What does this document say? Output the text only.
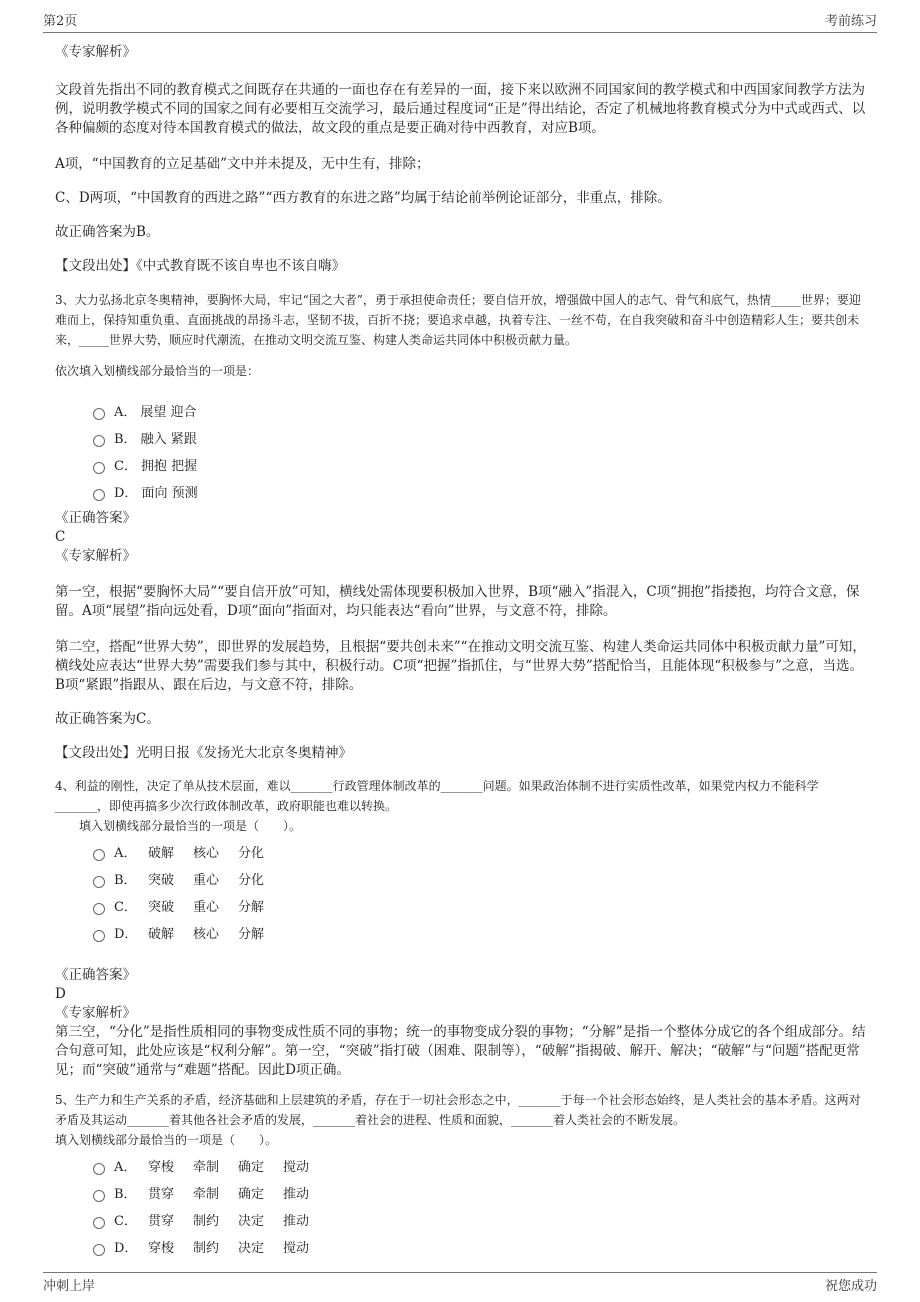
第2页	考前练习

《专家解析》

文段首先指出不同的教育模式之间既存在共通的一面也存在有差异的一面，接下来以欧洲不同国家间的教学模式和中西国家间教学方法为例，说明教学模式不同的国家之间有必要相互交流学习，最后通过程度词“正是”得出结论，否定了机械地将教育模式分为中式或西式、以各种偏颇的态度对待本国教育模式的做法，故文段的重点是要正确对待中西教育，对应B项。

A项，“中国教育的立足基础”文中并未提及，无中生有，排除；

C、D两项，“中国教育的西进之路”“西方教育的东进之路”均属于结论前举例论证部分，非重点，排除。

故正确答案为B。

【文段出处】《中式教育既不该自卑也不该自嗨》

3、大力弘扬北京冬奥精神，要胸怀大局，牢记“国之大者”，勇于承担使命责任；要自信开放，增强做中国人的志气、骨气和底气，热情_____世界；要迎难而上，保持知重负重、直面挑战的昂扬斗志，坚韧不拔，百折不挠；要追求卓越，执着专注、一丝不苟，在自我突破和奋斗中创造精彩人生；要共创未来，_____世界大势，顺应时代潮流，在推动文明交流互鉴、构建人类命运共同体中积极贡献力量。

依次填入划横线部分最恰当的一项是：

A． 展望 迎合
B． 融入 紧跟
C． 拥抱 把握
D． 面向 预测

《正确答案》

C

《专家解析》

第一空，根据“要胸怀大局”“要自信开放”可知，横线处需体现要积极加入世界，B项“融入”指混入，C项“拥抱”指搂抱，均符合文意，保留。A项“展望”指向远处看，D项“面向”指面对，均只能表达“看向”世界，与文意不符，排除。

第二空，搭配“世界大势”，即世界的发展趋势，且根据“要共创未来”“在推动文明交流互鉴、构建人类命运共同体中积极贡献力量”可知，横线处应表达“世界大势”需要我们参与其中，积极行动。C项“把握”指抓住，与“世界大势”搭配恰当，且能体现“积极参与”之意，当选。B项“紧跟”指跟从、跟在后边，与文意不符，排除。

故正确答案为C。

【文段出处】光明日报《发扬光大北京冬奥精神》

4、利益的刚性，决定了单从技术层面，难以_______行政管理体制改革的_______问题。如果政治体制不进行实质性改革，如果党内权力不能科学_______，即使再搞多少次行政体制改革，政府职能也难以转换。

填入划横线部分最恰当的一项是（　　）。

A． 破解	核心	分化
B． 突破	重心	分化
C． 突破	重心	分解
D． 破解	核心	分解

《正确答案》

D

《专家解析》

第三空，“分化”是指性质相同的事物变成性质不同的事物；统一的事物变成分裂的事物；“分解”是指一个整体分成它的各个组成部分。结合句意可知，此处应该是“权利分解”。第一空，“突破”指打破（困难、限制等），“破解”指揭破、解开、解决；“破解”与“问题”搭配更常见；而“突破”通常与“难题”搭配。因此D项正确。

5、生产力和生产关系的矛盾，经济基础和上层建筑的矛盾，存在于一切社会形态之中，_______于每一个社会形态始终，是人类社会的基本矛盾。这两对矛盾及其运动_______着其他各社会矛盾的发展，_______着社会的进程、性质和面貌，_______着人类社会的不断发展。

填入划横线部分最恰当的一项是（　　）。

A． 穿梭	牵制	确定	搅动
B． 贯穿	牵制	确定	推动
C． 贯穿	制约	决定	推动
D． 穿梭	制约	决定	搅动
冲刺上岸	祝您成功
